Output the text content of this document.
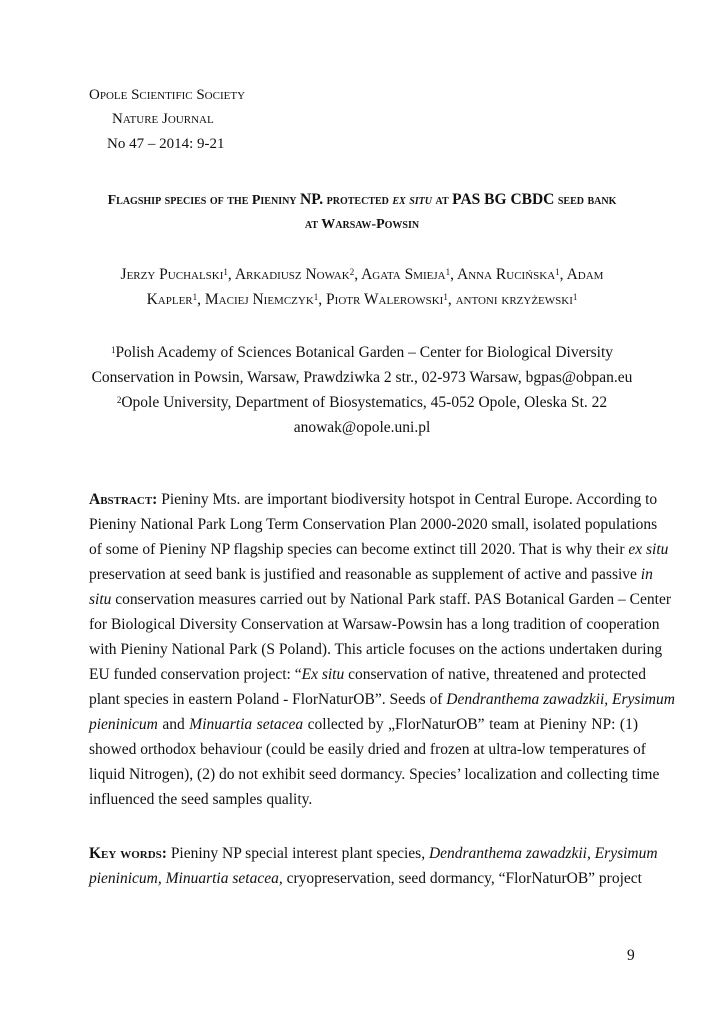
Opole Scientific Society
Nature Journal
No 47 – 2014: 9-21
Flagship species of the Pieniny NP. protected ex situ at PAS BG CBDC seed bank
at Warsaw-Powsin
Jerzy Puchalski$^1$, Arkadiusz Nowak$^2$, Agata Smieja$^1$, Anna Rucińska$^1$, Adam
Kapler$^1$, Maciej Niemczyk$^1$, Piotr Walerowski$^1$, antoni krzyżewski$^1$
$^1$Polish Academy of Sciences Botanical Garden – Center for Biological Diversity
Conservation in Powsin, Warsaw, Prawdziwka 2 str., 02-973 Warsaw, bgpas@obpan.eu
$^2$Opole University, Department of Biosystematics, 45-052 Opole, Oleska St. 22
anowak@opole.uni.pl
Abstract: Pieniny Mts. are important biodiversity hotspot in Central Europe. According to
Pieniny National Park Long Term Conservation Plan 2000-2020 small, isolated populations
of some of Pieniny NP flagship species can become extinct till 2020. That is why their ex situ
preservation at seed bank is justified and reasonable as supplement of active and passive in
situ conservation measures carried out by National Park staff. PAS Botanical Garden – Center
for Biological Diversity Conservation at Warsaw-Powsin has a long tradition of cooperation
with Pieniny National Park (S Poland). This article focuses on the actions undertaken during
EU funded conservation project: “Ex situ conservation of native, threatened and protected
plant species in eastern Poland - FlorNaturOB”. Seeds of Dendranthema zawadzkii, Erysimum
pieninicum and Minuartia setacea collected by „FlorNaturOB” team at Pieniny NP: (1)
showed orthodox behaviour (could be easily dried and frozen at ultra-low temperatures of
liquid Nitrogen), (2) do not exhibit seed dormancy. Species’ localization and collecting time
influenced the seed samples quality.
Key words: Pieniny NP special interest plant species, Dendranthema zawadzkii, Erysimum
pieninicum, Minuartia setacea, cryopreservation, seed dormancy, “FlorNaturOB” project
9
